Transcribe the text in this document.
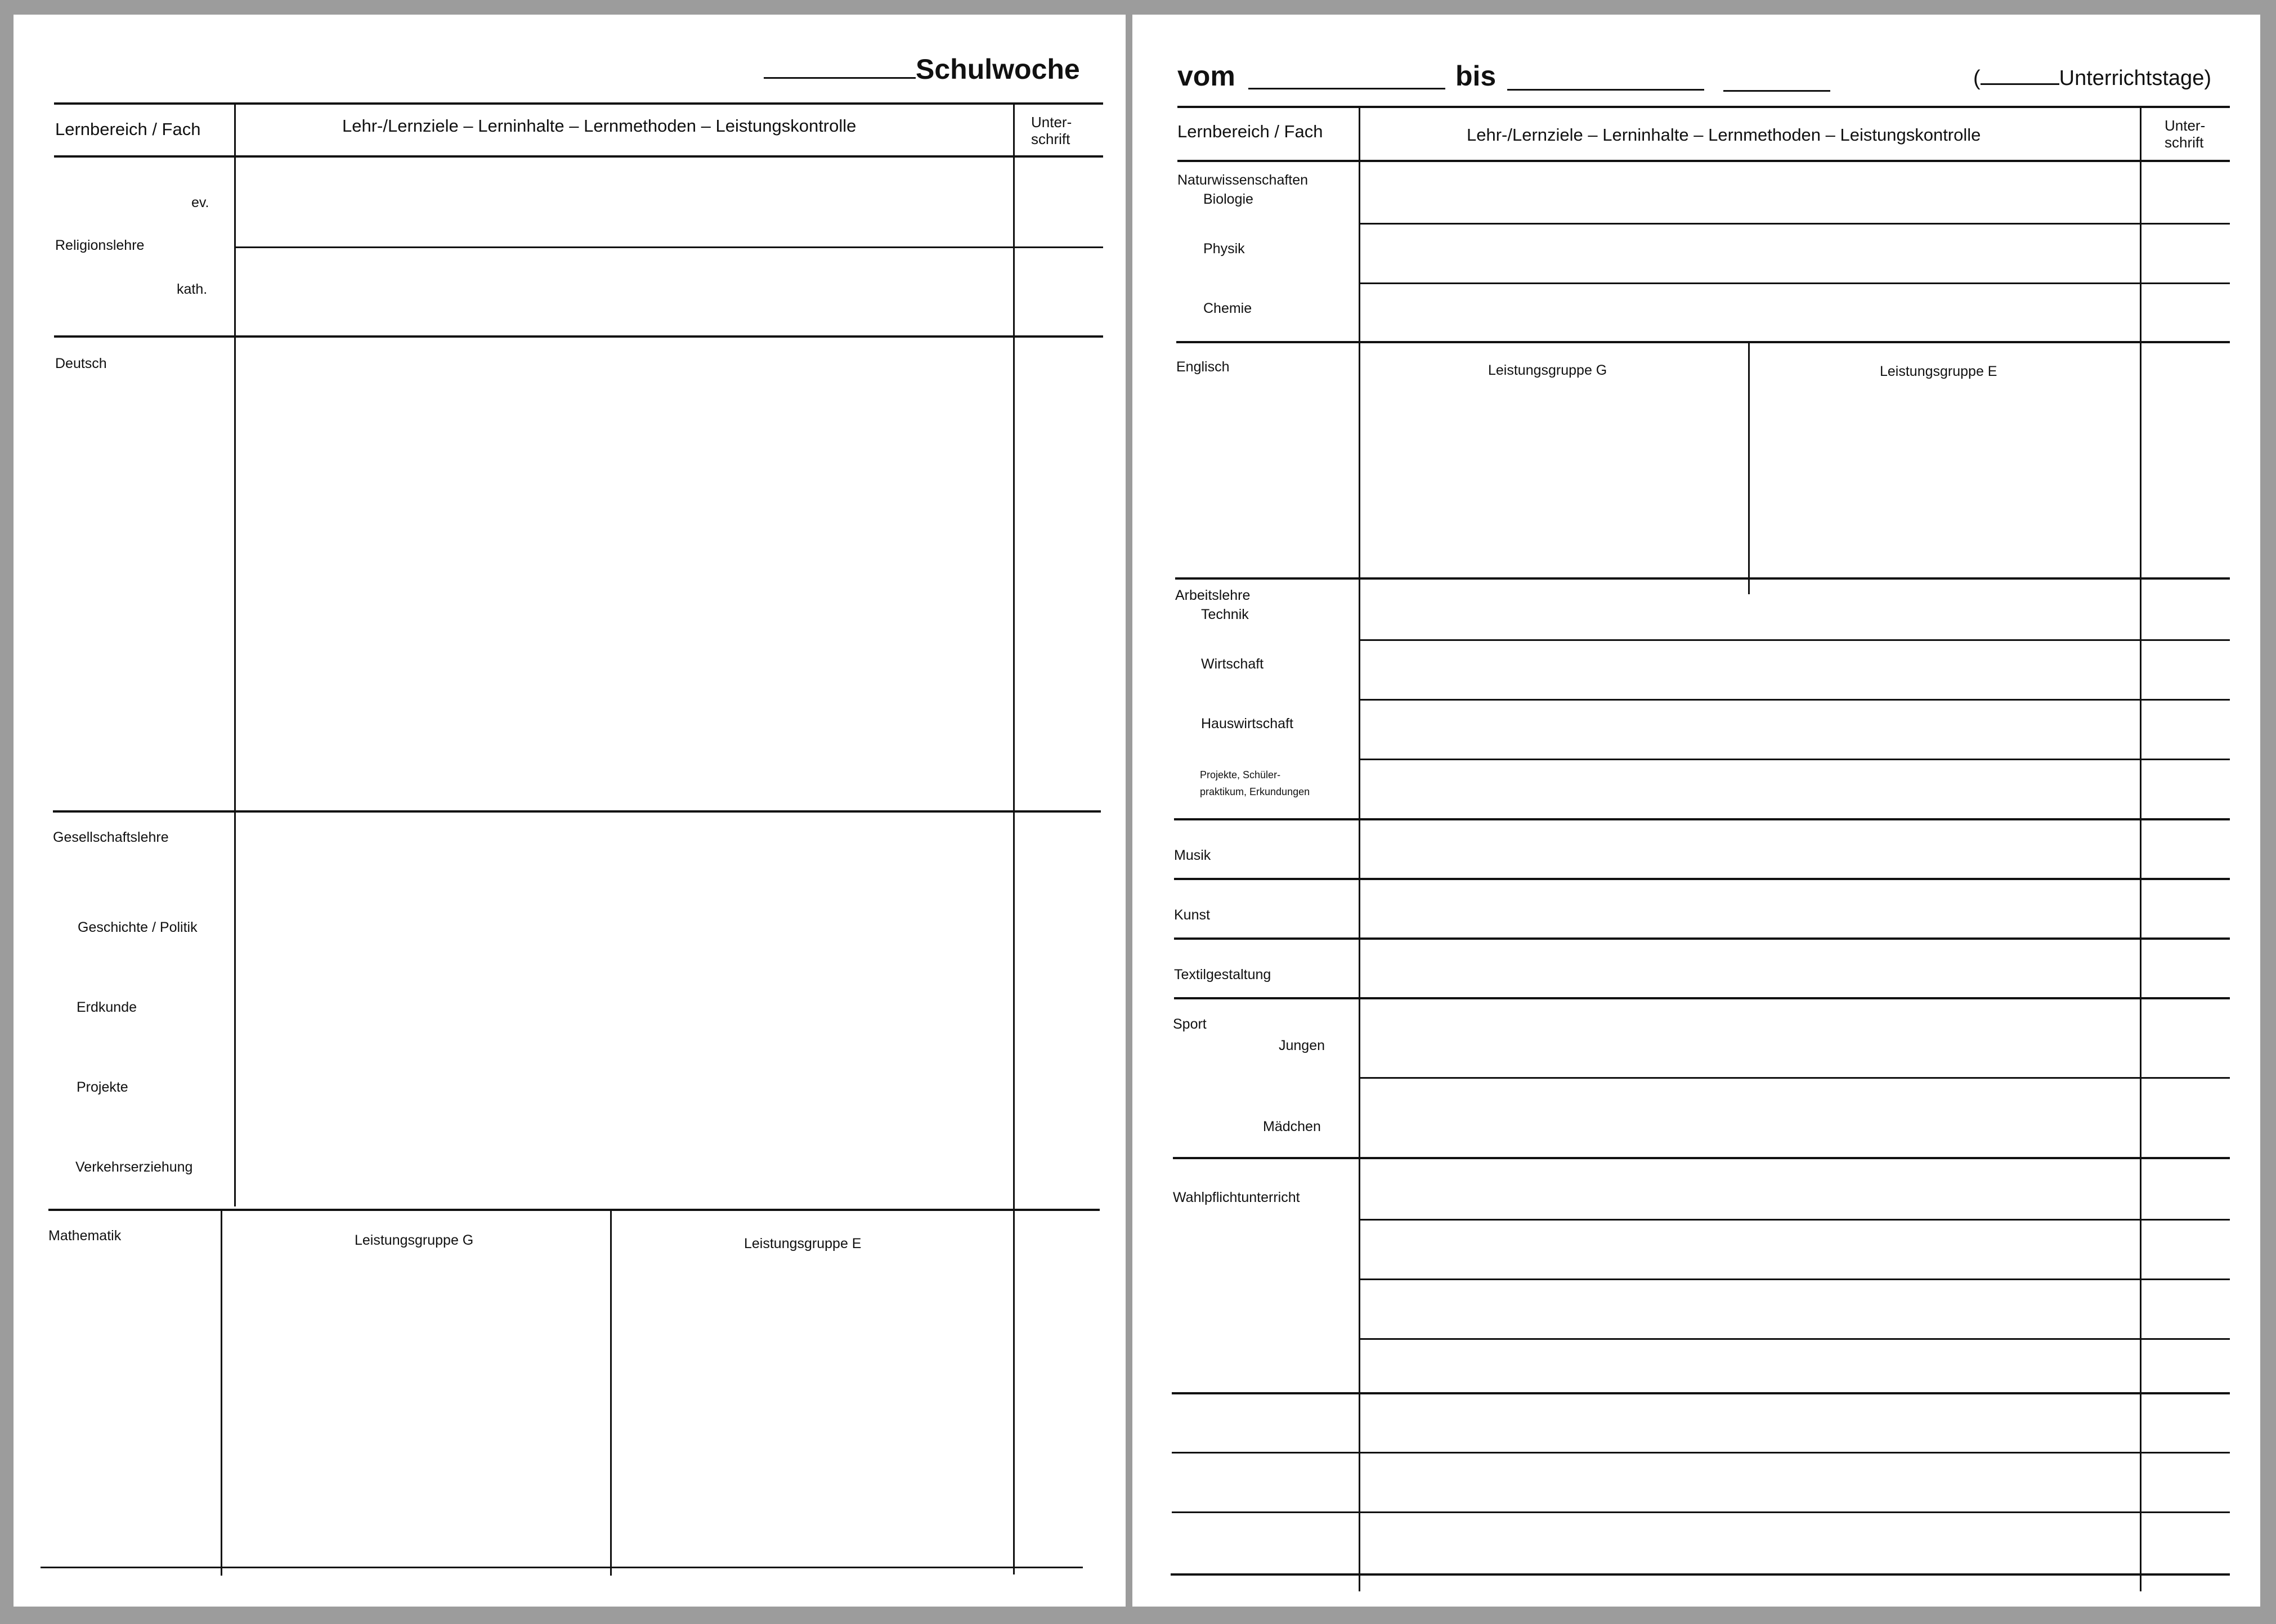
Schulwoche
Lernbereich / Fach	Lehr-/Lernziele – Lerninhalte – Lernmethoden – Leistungskontrolle	Unter-
schrift
ev.
Religionslehre
kath.
Deutsch
Gesellschaftslehre
Geschichte / Politik
Erdkunde
Projekte
Verkehrserziehung
Mathematik	Leistungsgruppe G	Leistungsgruppe E
vom	bis	(	Unterrichtstage)
Lernbereich / Fach	Lehr-/Lernziele – Lerninhalte – Lernmethoden – Leistungskontrolle	Unter-
schrift
Naturwissenschaften
Biologie
Physik
Chemie
Englisch	Leistungsgruppe G	Leistungsgruppe E
Arbeitslehre
Technik
Wirtschaft
Hauswirtschaft
Projekte, Schüler-
praktikum, Erkundungen
Musik
Kunst
Textilgestaltung
Sport
Jungen
Mädchen
Wahlpflichtunterricht
